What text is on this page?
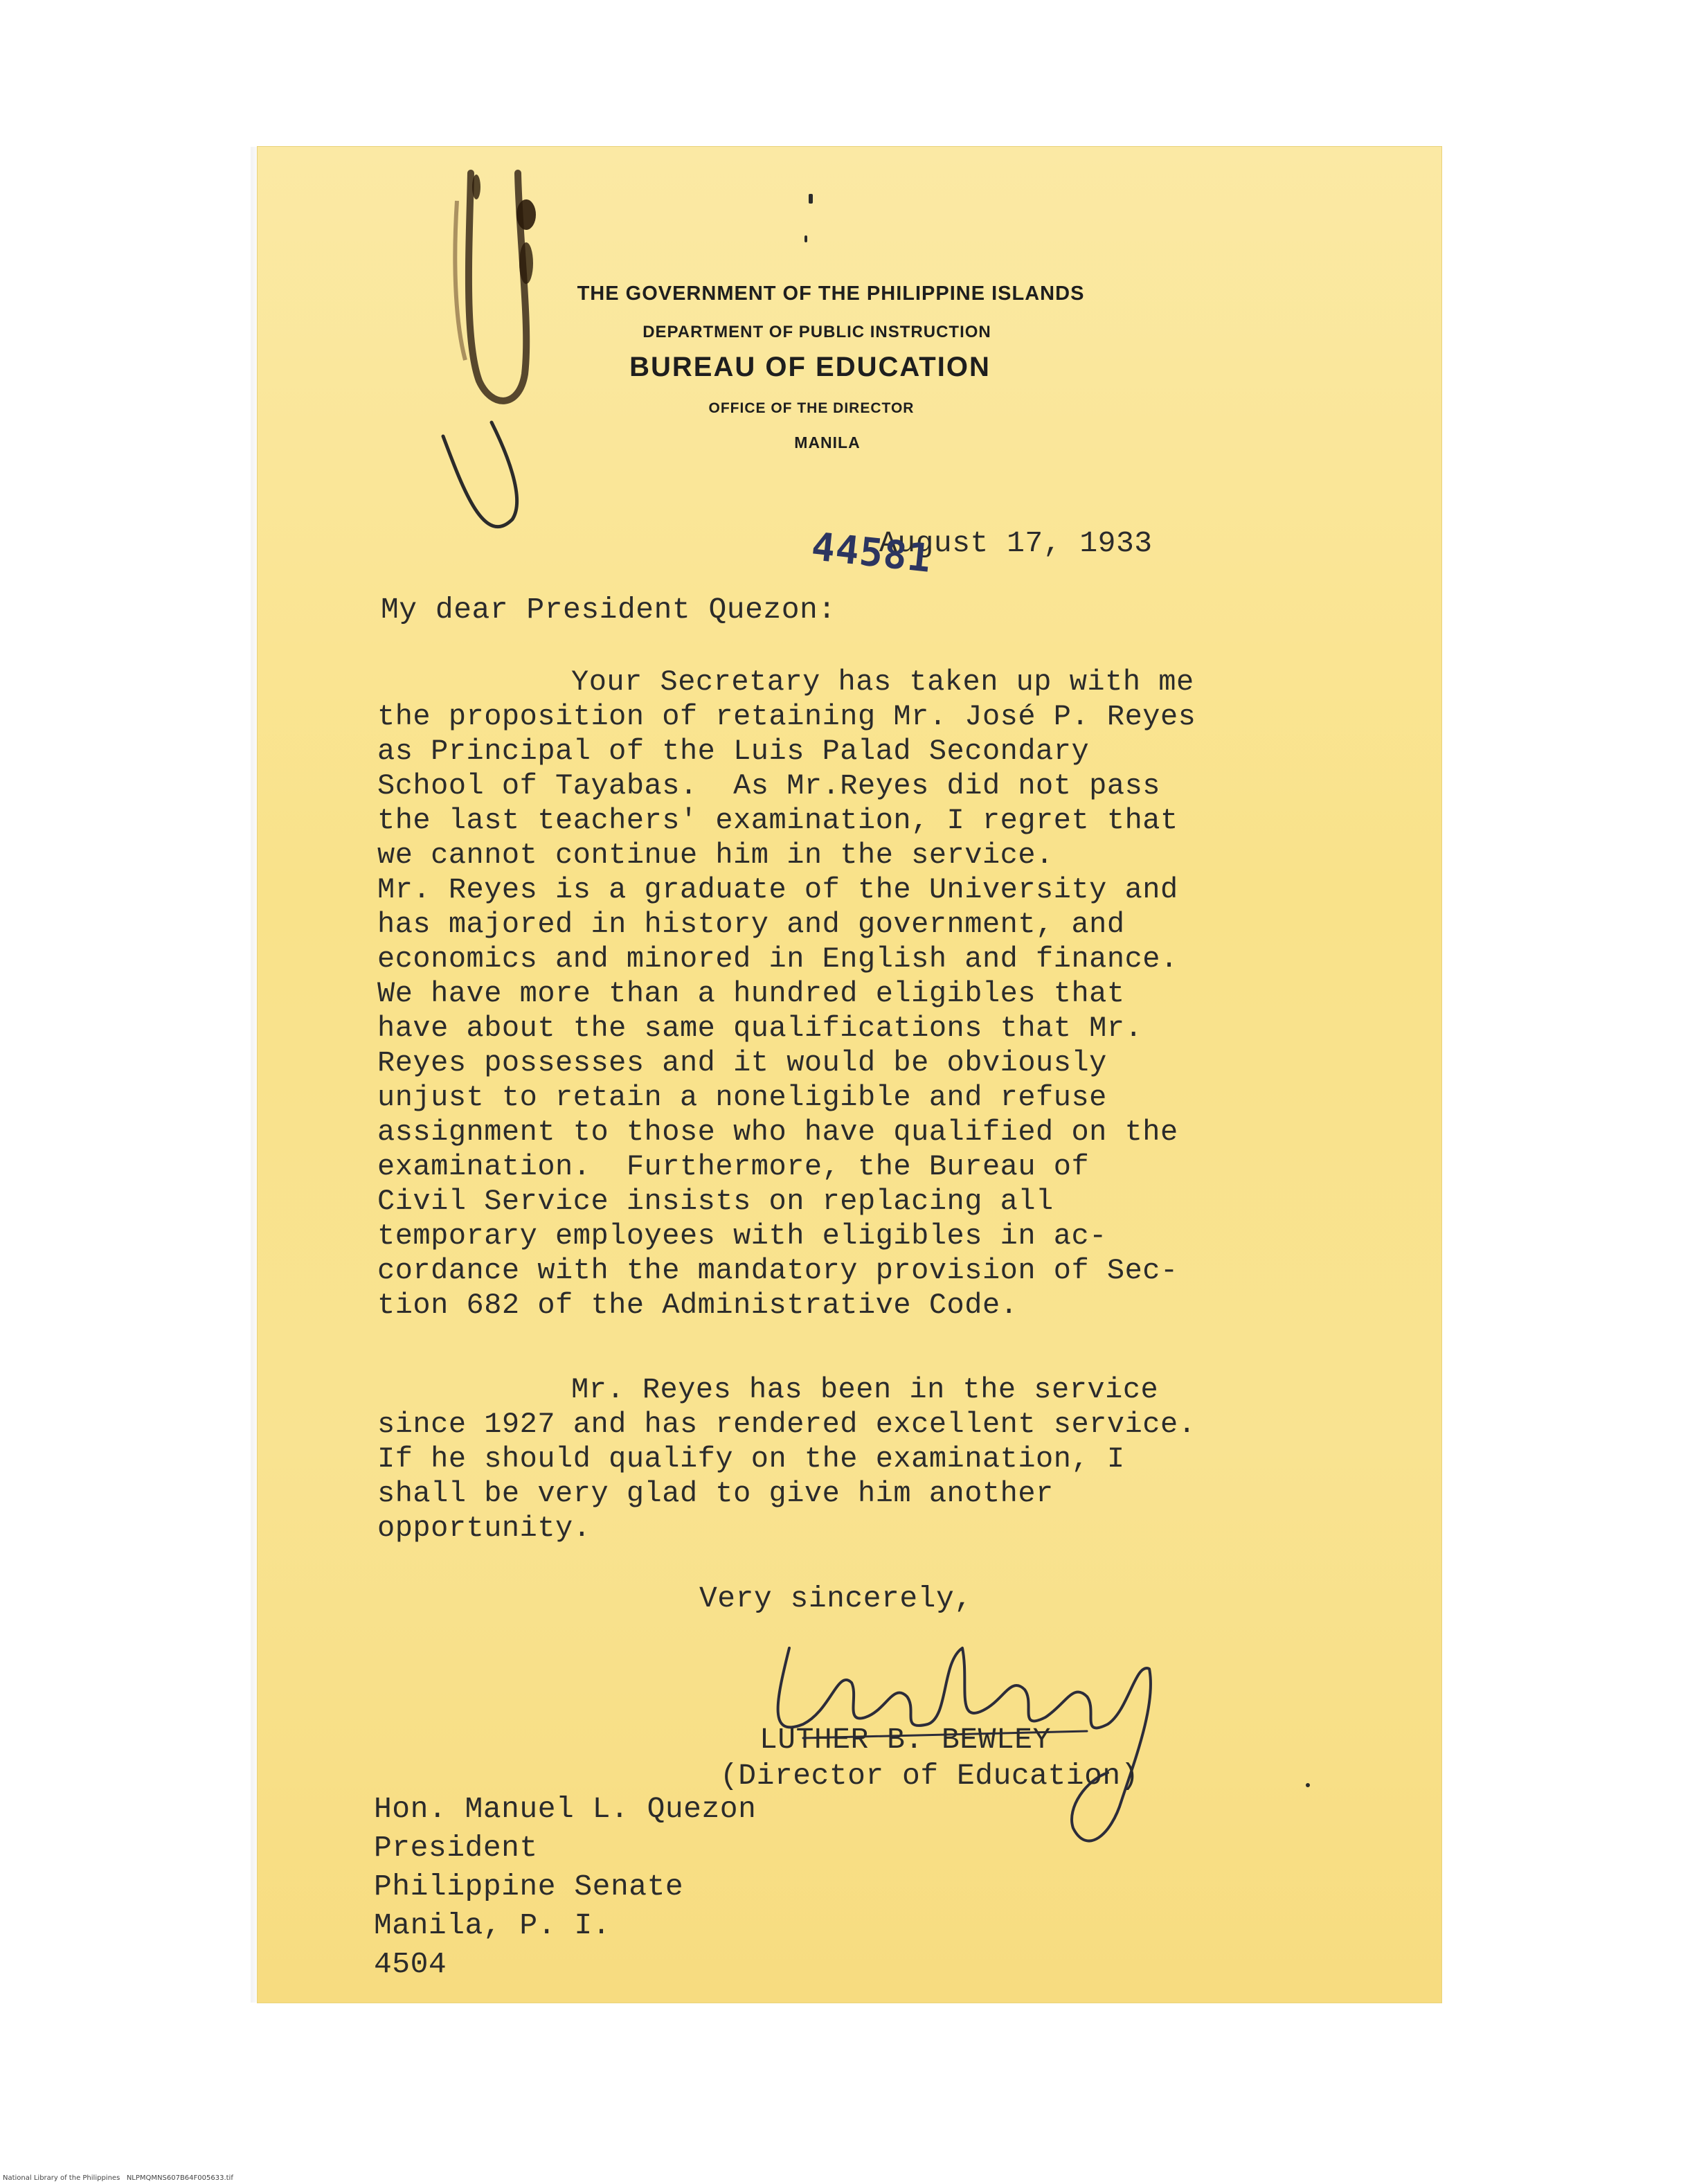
THE GOVERNMENT OF THE PHILIPPINE ISLANDS
DEPARTMENT OF PUBLIC INSTRUCTION
BUREAU OF EDUCATION
OFFICE OF THE DIRECTOR
MANILA
August 17, 1933
44581
My dear President Quezon:
Your Secretary has taken up with me
the proposition of retaining Mr. José P. Reyes
as Principal of the Luis Palad Secondary
School of Tayabas.  As Mr.Reyes did not pass
the last teachers' examination, I regret that
we cannot continue him in the service.
Mr. Reyes is a graduate of the University and
has majored in history and government, and
economics and minored in English and finance.
We have more than a hundred eligibles that
have about the same qualifications that Mr.
Reyes possesses and it would be obviously
unjust to retain a noneligible and refuse
assignment to those who have qualified on the
examination.  Furthermore, the Bureau of
Civil Service insists on replacing all
temporary employees with eligibles in ac-
cordance with the mandatory provision of Sec-
tion 682 of the Administrative Code.
Mr. Reyes has been in the service
since 1927 and has rendered excellent service.
If he should qualify on the examination, I
shall be very glad to give him another
opportunity.
Very sincerely,
LUTHER B. BEWLEY
(Director of Education)
Hon. Manuel L. Quezon
President
Philippine Senate
Manila, P. I.
4504
National Library of the Philippines   NLPMQMNS607B64F005633.tif
